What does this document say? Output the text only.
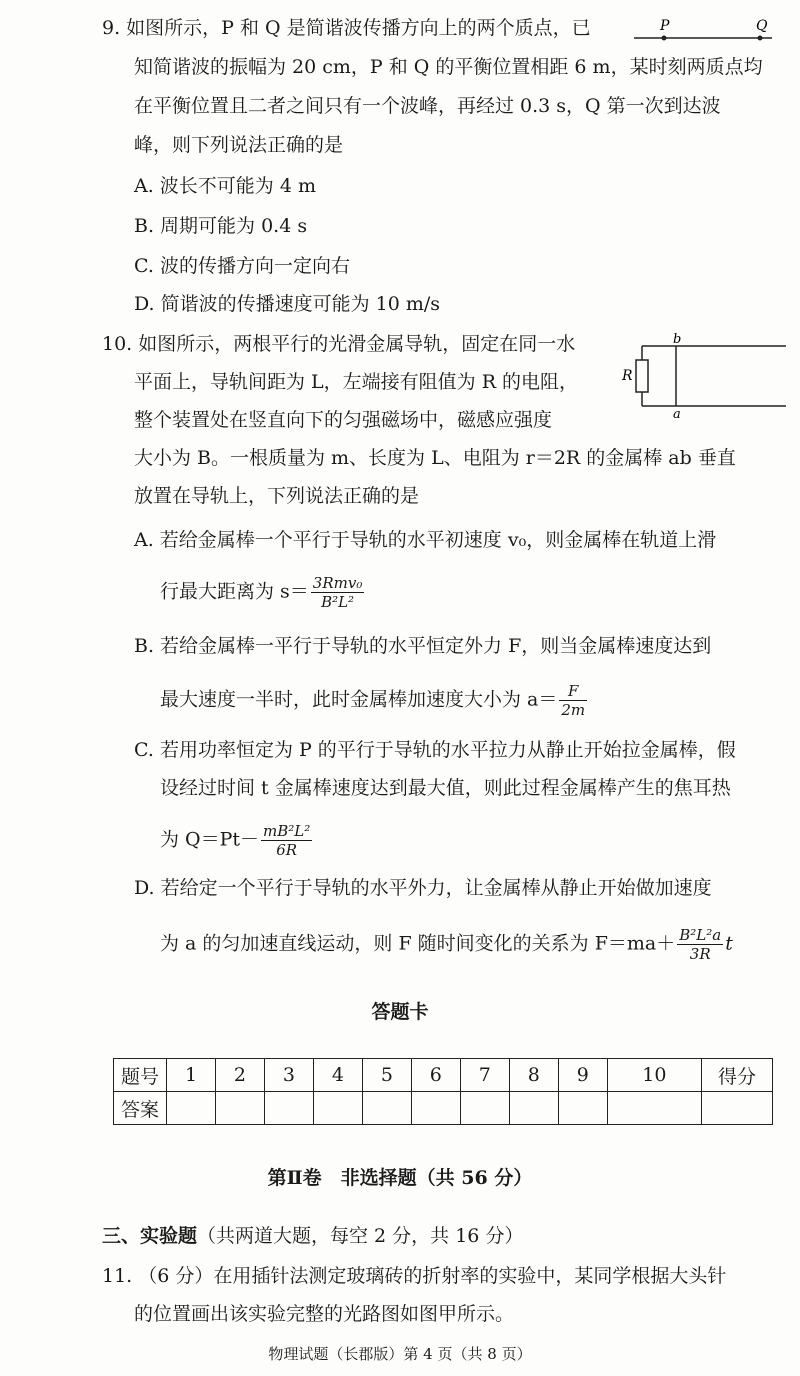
9. 如图所示，P 和 Q 是简谐波传播方向上的两个质点，已
知简谐波的振幅为 20 cm，P 和 Q 的平衡位置相距 6 m，某时刻两质点均
在平衡位置且二者之间只有一个波峰，再经过 0.3 s，Q 第一次到达波
峰，则下列说法正确的是
A. 波长不可能为 4 m
B. 周期可能为 0.4 s
C. 波的传播方向一定向右
D. 简谐波的传播速度可能为 10 m/s
P	Q
10. 如图所示，两根平行的光滑金属导轨，固定在同一水
平面上，导轨间距为 L，左端接有阻值为 R 的电阻，
整个装置处在竖直向下的匀强磁场中，磁感应强度
大小为 B。一根质量为 m、长度为 L、电阻为 r＝2R 的金属棒 ab 垂直
放置在导轨上，下列说法正确的是
R
b
a
A. 若给金属棒一个平行于导轨的水平初速度 v₀，则金属棒在轨道上滑
行最大距离为 $s= \frac{\text{3Rmv₀}}{\text{B²L²}}$
B. 若给金属棒一平行于导轨的水平恒定外力 F，则当金属棒速度达到
最大速度一半时，此时金属棒加速度大小为 $a= \frac{F}{2m}$
C. 若用功率恒定为 P 的平行于导轨的水平拉力从静止开始拉金属棒，假
设经过时间 t 金属棒速度达到最大值，则此过程金属棒产生的焦耳热
为 $Q=Pt- \frac{\text{mB²L²}}{6R}$
D. 若给定一个平行于导轨的水平外力，让金属棒从静止开始做加速度
为 a 的匀加速直线运动，则 F 随时间变化的关系为 $F=ma+ \frac{\text{B²L²a}}{3R}$ t
答题卡
题号	1	2	3	4	5	6	7	8	9	10	得分
答案											
第Ⅱ卷　非选择题（共 56 分）
三、实验题（共两道大题，每空 2 分，共 16 分）
11. （6 分）在用插针法测定玻璃砖的折射率的实验中，某同学根据大头针
的位置画出该实验完整的光路图如图甲所示。
物理试题（长郡版）第 4 页（共 8 页）
